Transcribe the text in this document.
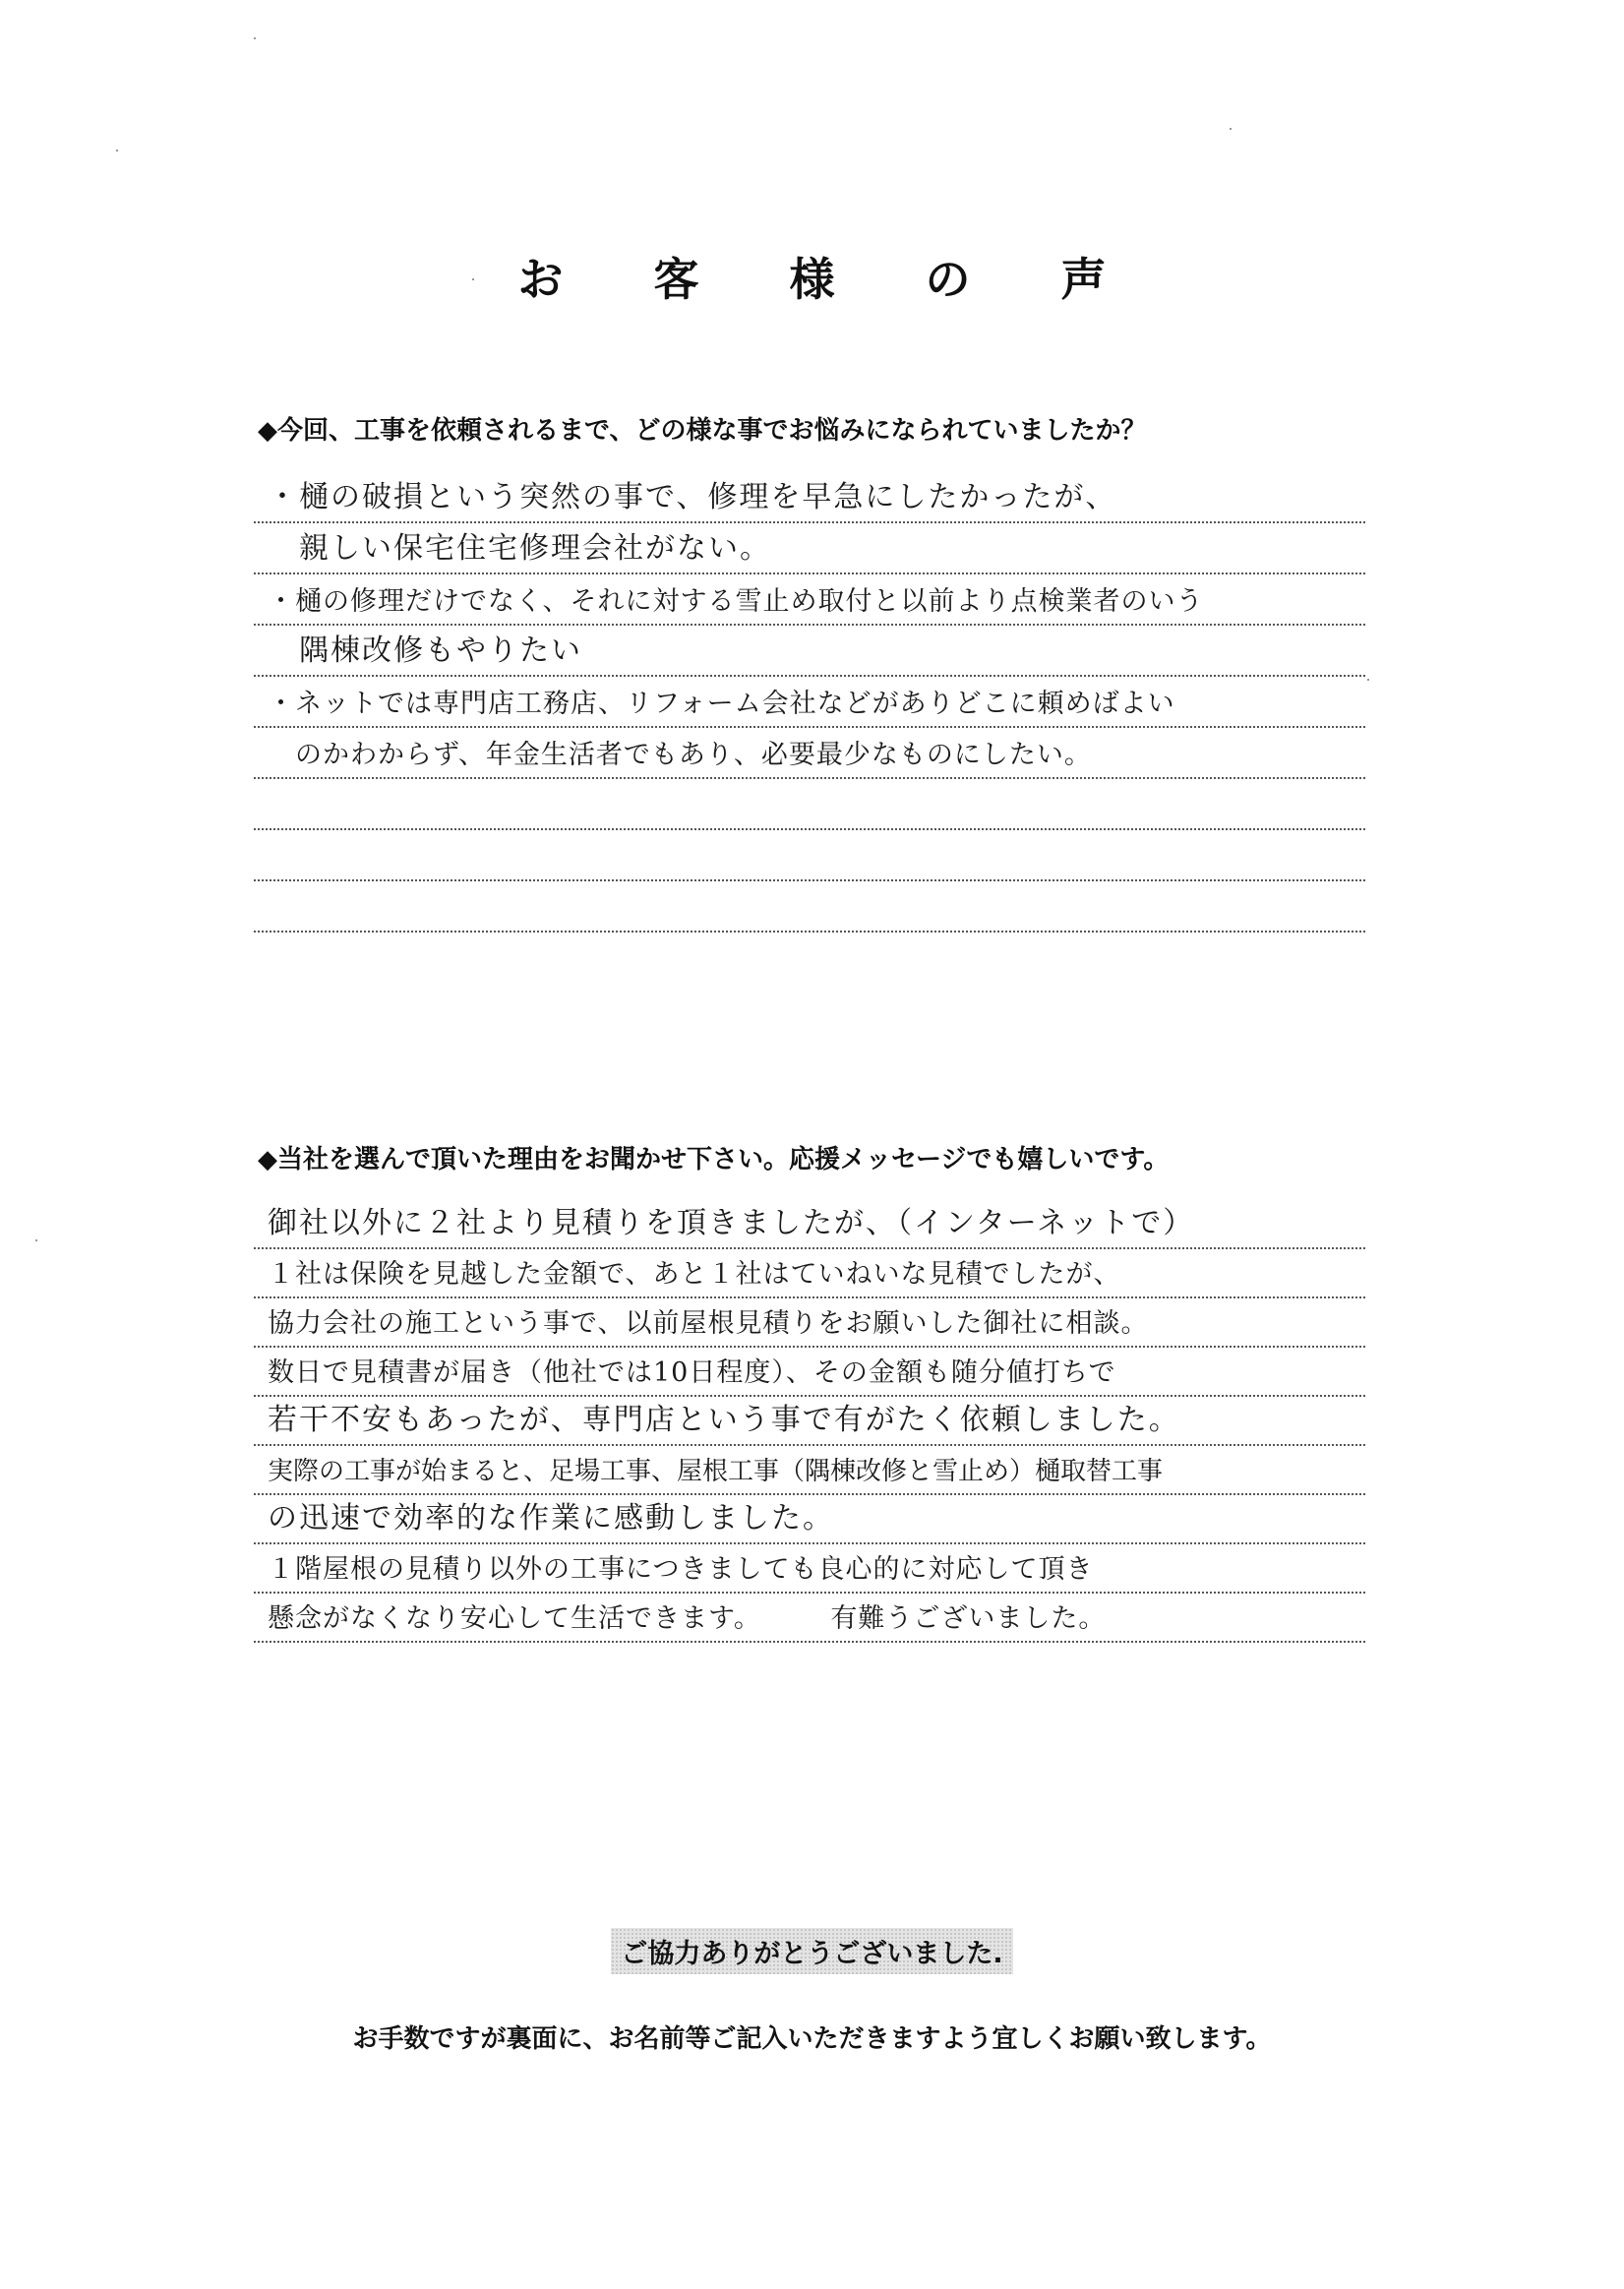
お 客 様 の 声
◆今回、工事を依頼されるまで、どの様な事でお悩みになられていましたか？
・樋の破損という突然の事で、修理を早急にしたかったが、
　親しい保宅住宅修理会社がない。
・樋の修理だけでなく、それに対する雪止め取付と以前より点検業者のいう
　隅棟改修もやりたい
・ネットでは専門店工務店、リフォーム会社などがありどこに頼めばよい
　のかわからず、年金生活者でもあり、必要最少なものにしたい。
◆当社を選んで頂いた理由をお聞かせ下さい。応援メッセージでも嬉しいです。
御社以外に２社より見積りを頂きましたが、（インターネットで）
１社は保険を見越した金額で、あと１社はていねいな見積でしたが、
協力会社の施工という事で、以前屋根見積りをお願いした御社に相談。
数日で見積書が届き（他社では10日程度）、その金額も随分値打ちで
若干不安もあったが、専門店という事で有がたく依頼しました。
実際の工事が始まると、足場工事、屋根工事（隅棟改修と雪止め）樋取替工事
の迅速で効率的な作業に感動しました。
１階屋根の見積り以外の工事につきましても良心的に対応して頂き
懸念がなくなり安心して生活できます。　　　有難うございました。
ご協力ありがとうございました.
お手数ですが裏面に、お名前等ご記入いただきますよう宜しくお願い致します。
